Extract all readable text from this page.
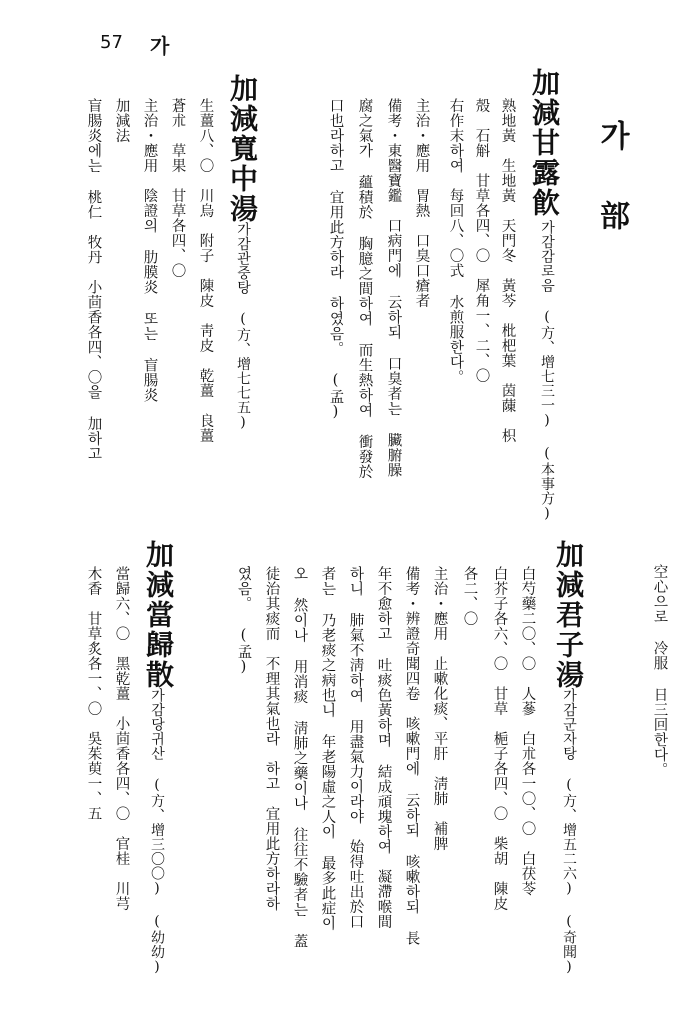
57 가
가　部
加減甘露飮
가감감로음 (方、增七三一) (本事方)
熟地黃　生地黃　天門冬　黃芩　枇杷葉　茵蔯　枳
殼　石斛　甘草各四、〇　犀角一、二、〇
右作末하여　每回八、〇式 水煎服한다。
主治・應用　胃熱　口臭口瘡者
備考・東醫寶鑑　口病門에 云하되 口臭者는 臟腑臊
腐之氣가 蘊積於 胸臆之間하여 而生熱하여 衝發於
口也라하고 宜用此方하라 하였음。 (孟)
加減寬中湯
가감관중탕 (方、增七七五)
生薑八、〇　川烏　附子　陳皮　靑皮　乾薑　良薑
蒼朮　草果　甘草各四、〇
主治・應用　陰證의 肋膜炎 또는 盲腸炎
加減法
盲腸炎에는 桃仁　牧丹　小茴香各四、〇을 加하고
空心으로 冷服 日三回한다。
加減君子湯
가감군자탕 (方、增五二六) (奇聞)
白芍藥二〇、〇　人蔘　白朮各一〇、〇　白茯苓
白芥子各六、〇　甘草　梔子各四、〇　柴胡　陳皮
各二、〇
主治・應用　止嗽化痰、平肝　淸肺　補脾
備考・辨證奇聞四卷　咳嗽門에 云하되 咳嗽하되 長
年不愈하고 吐痰色黃하며 結成頑塊하여　凝滯喉間
하니 肺氣不淸하여 用盡氣力이라야　始得吐出於口
者는 乃老痰之病也니 年老陽虛之人이 最多此症이
오 然이나 用消痰 淸肺之藥이나 往往不驗者는 蓋
徒治其痰而　不理其氣也라　하고　宜用此方하라하
였음。 (孟)
加減當歸散
가감당귀산 (方、增三〇〇) (幼幼)
當歸六、〇　黑乾薑　小茴香各四、〇　官桂　川芎
木香　甘草炙各一、〇　吳茱萸一、五
